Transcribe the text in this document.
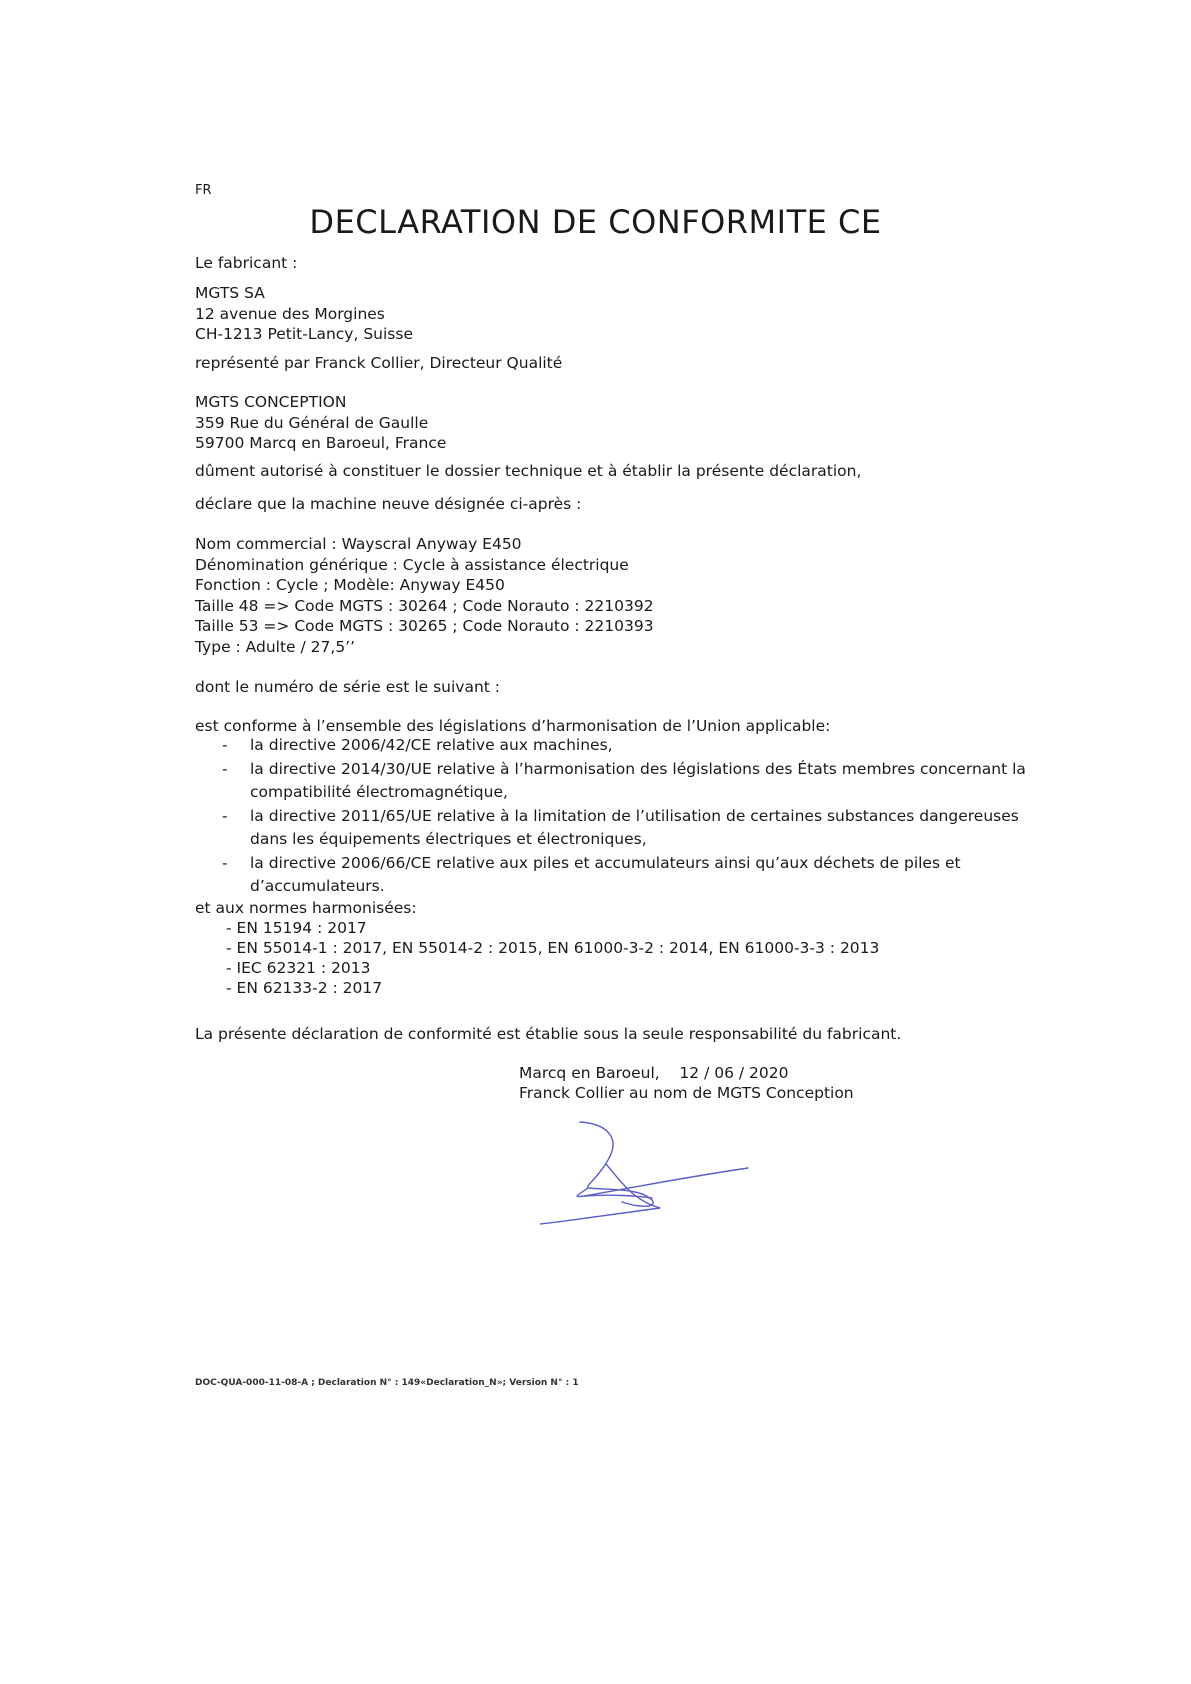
FR
DECLARATION DE CONFORMITE CE
Le fabricant :
MGTS SA
12 avenue des Morgines
CH-1213 Petit-Lancy, Suisse
représenté par Franck Collier, Directeur Qualité
MGTS CONCEPTION
359 Rue du Général de Gaulle
59700 Marcq en Baroeul, France
dûment autorisé à constituer le dossier technique et à établir la présente déclaration,
déclare que la machine neuve désignée ci-après :
Nom commercial : Wayscral Anyway E450
Dénomination générique : Cycle à assistance électrique
Fonction : Cycle ; Modèle: Anyway E450
Taille 48 => Code MGTS : 30264 ; Code Norauto : 2210392
Taille 53 => Code MGTS : 30265 ; Code Norauto : 2210393
Type : Adulte / 27,5’’
dont le numéro de série est le suivant :
est conforme à l’ensemble des législations d’harmonisation de l’Union applicable:
- la directive 2006/42/CE relative aux machines,
- la directive 2014/30/UE relative à l’harmonisation des législations des États membres concernant la
compatibilité électromagnétique,
- la directive 2011/65/UE relative à la limitation de l’utilisation de certaines substances dangereuses
dans les équipements électriques et électroniques,
- la directive 2006/66/CE relative aux piles et accumulateurs ainsi qu’aux déchets de piles et
d’accumulateurs.
et aux normes harmonisées:
- EN 15194 : 2017
- EN 55014-1 : 2017, EN 55014-2 : 2015, EN 61000-3-2 : 2014, EN 61000-3-3 : 2013
- IEC 62321 : 2013
- EN 62133-2 : 2017
La présente déclaration de conformité est établie sous la seule responsabilité du fabricant.
Marcq en Baroeul,    12 / 06 / 2020
Franck Collier au nom de MGTS Conception
DOC-QUA-000-11-08-A ; Declaration N° : 149«Declaration_N»; Version N° : 1
